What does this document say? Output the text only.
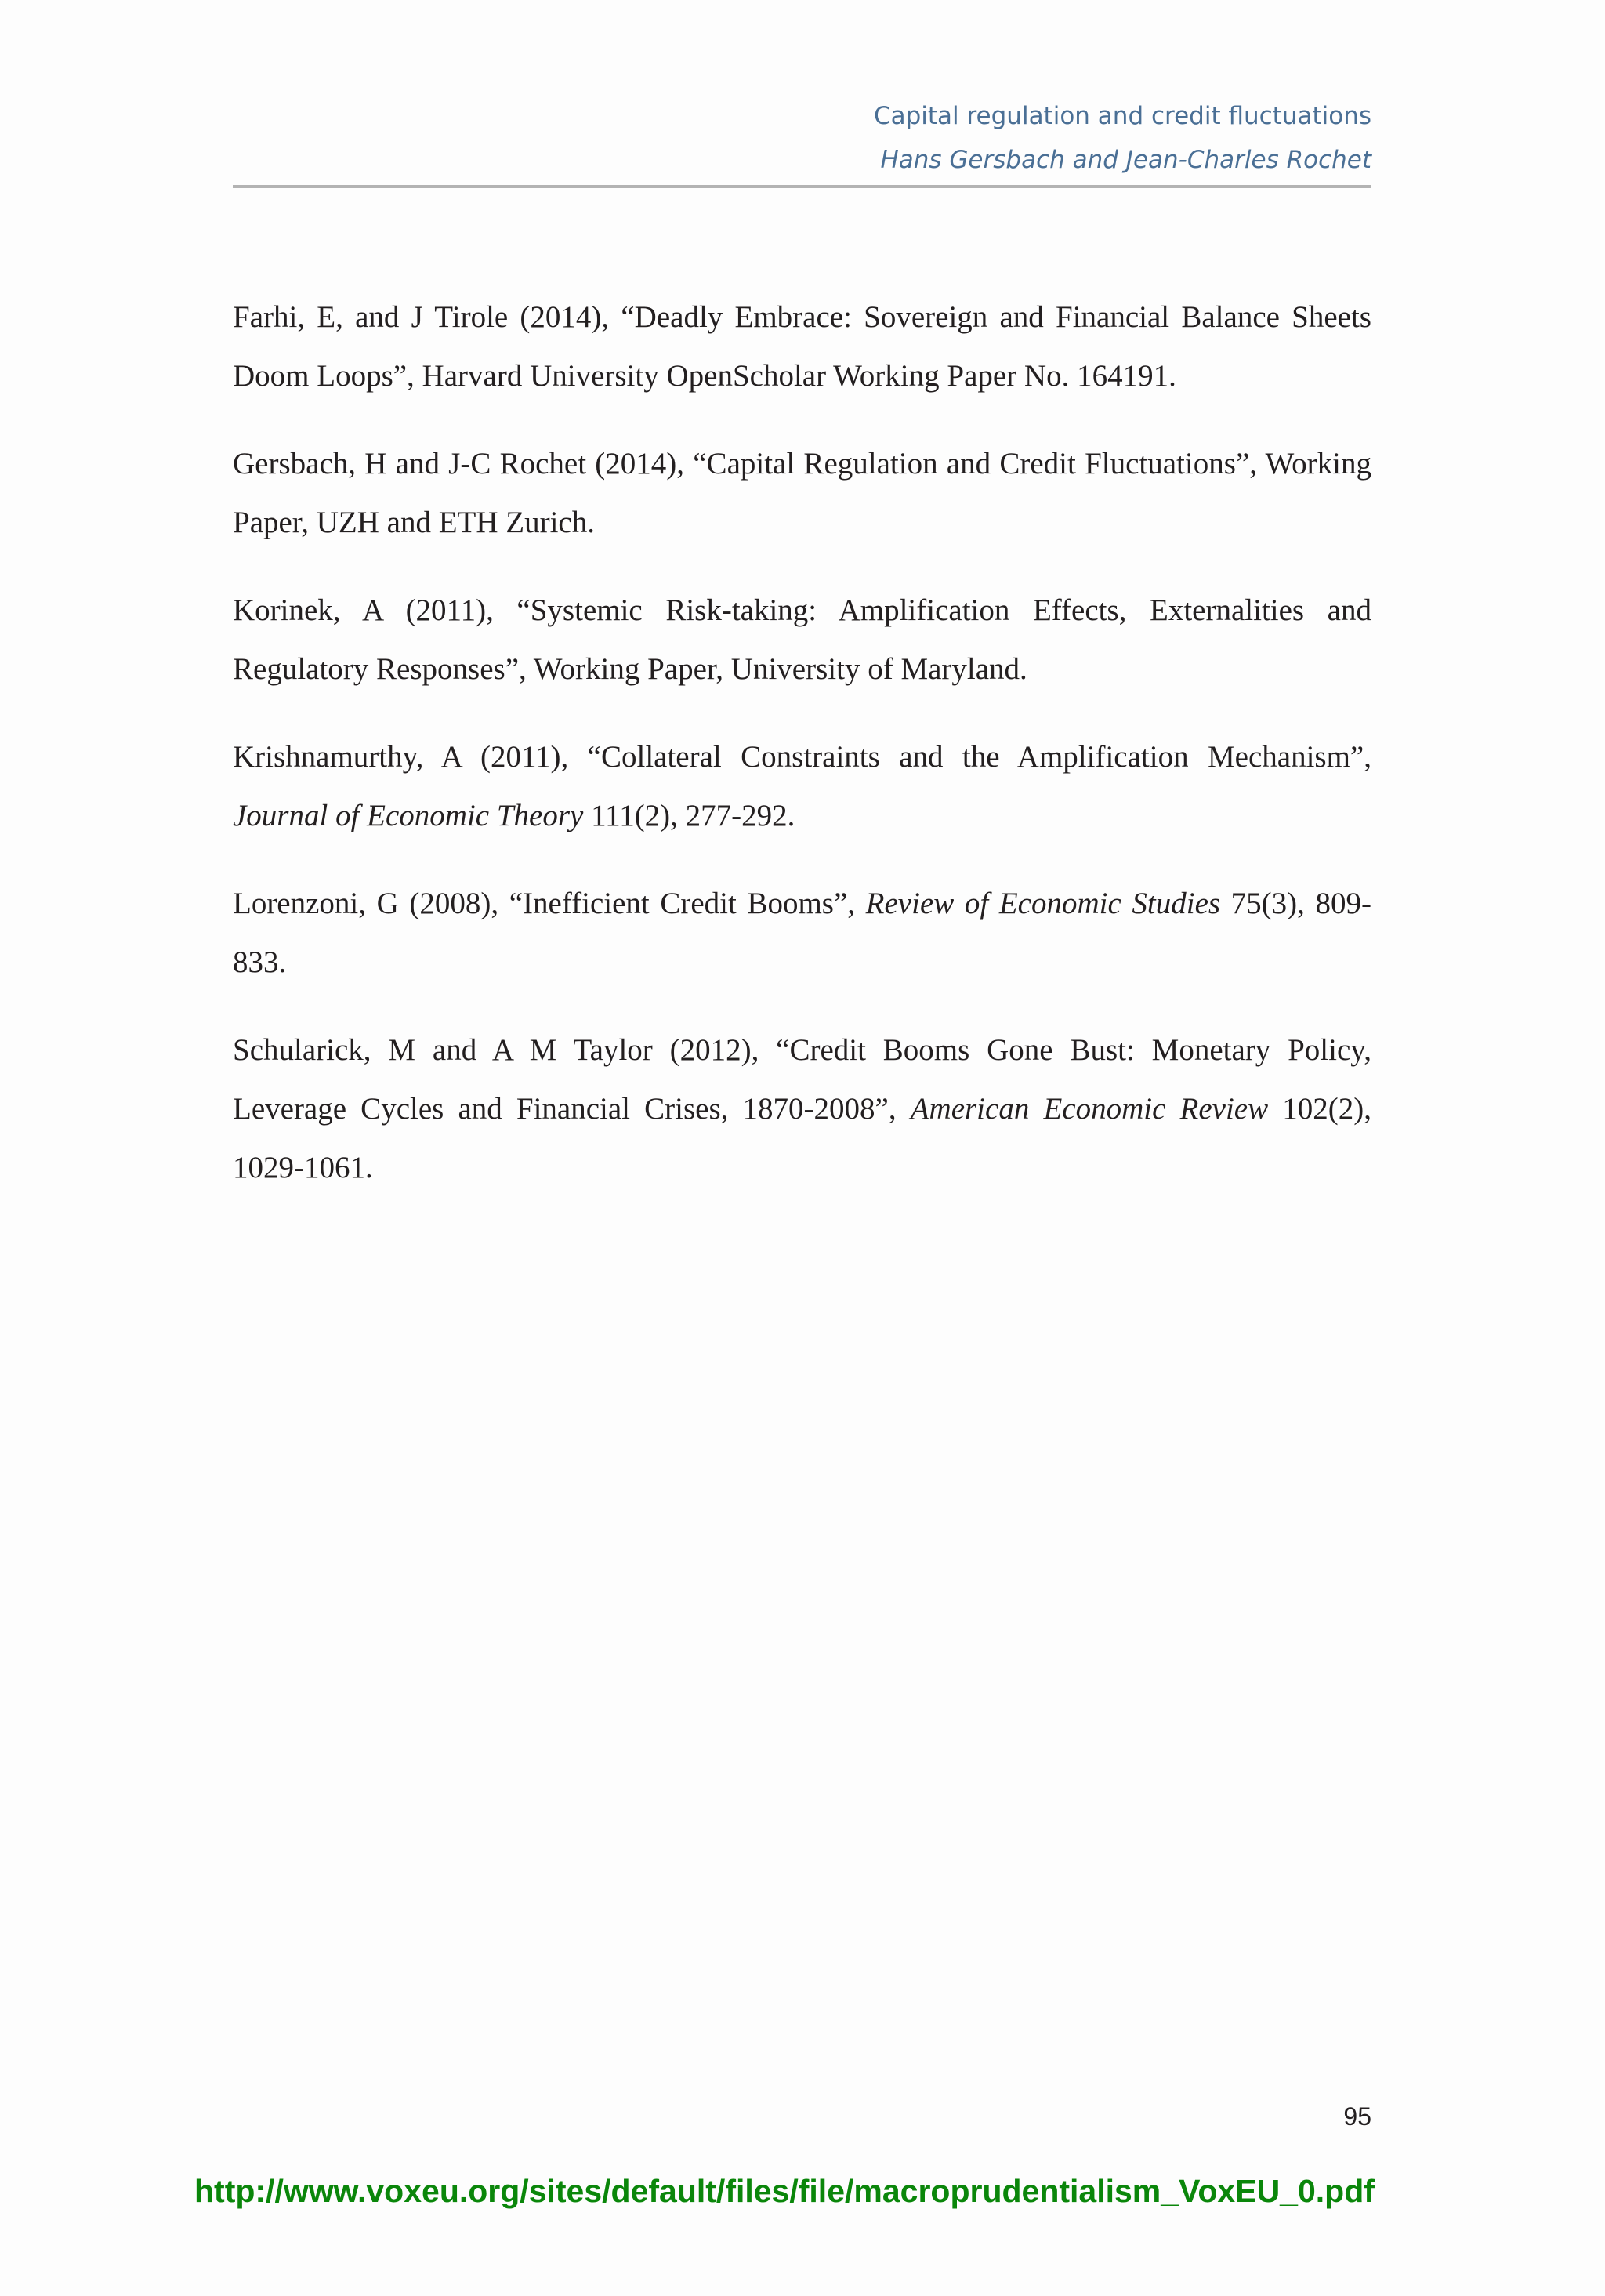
Capital regulation and credit fluctuations
Hans Gersbach and Jean-Charles Rochet

Farhi, E, and J Tirole (2014), “Deadly Embrace: Sovereign and Financial Balance Sheets Doom Loops”, Harvard University OpenScholar Working Paper No. 164191.

Gersbach, H and J-C Rochet (2014), “Capital Regulation and Credit Fluctuations”, Working Paper, UZH and ETH Zurich.

Korinek, A (2011), “Systemic Risk-taking: Amplification Effects, Externalities and Regulatory Responses”, Working Paper, University of Maryland.

Krishnamurthy, A (2011), “Collateral Constraints and the Amplification Mechanism”, Journal of Economic Theory 111(2), 277-292.

Lorenzoni, G (2008), “Inefficient Credit Booms”, Review of Economic Studies 75(3), 809-833.

Schularick, M and A M Taylor (2012), “Credit Booms Gone Bust: Monetary Policy, Leverage Cycles and Financial Crises, 1870-2008”, American Economic Review 102(2), 1029-1061.

95
http://www.voxeu.org/sites/default/files/file/macroprudentialism_VoxEU_0.pdf
